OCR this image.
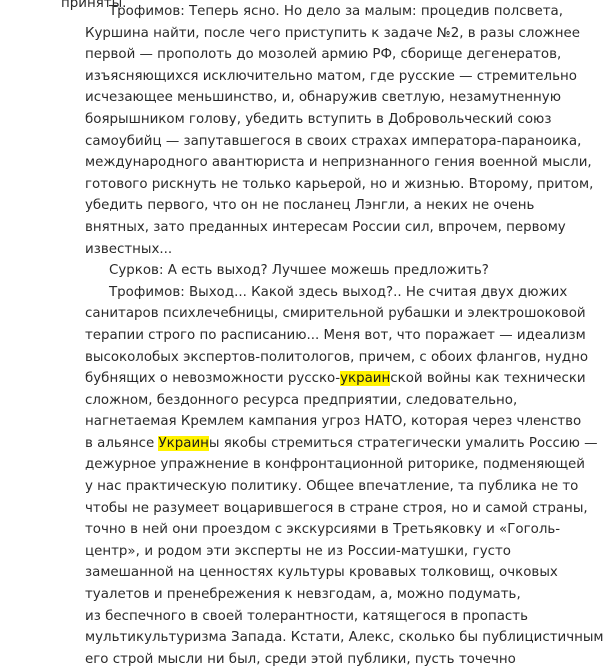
приняты.

Трофимов: Теперь ясно. Но дело за малым: процедив полсвета,
Куршина найти, после чего приступить к задаче №2, в разы сложнее
первой — прополоть до мозолей армию РФ, сборище дегенератов,
изъясняющихся исключительно матом, где русские — стремительно
исчезающее меньшинство, и, обнаружив светлую, незамутненную
боярышником голову, убедить вступить в Добровольческий союз
самоубийц — запутавшегося в своих страхах императора-параноика,
международного авантюриста и непризнанного гения военной мысли,
готового рискнуть не только карьерой, но и жизнью. Второму, притом,
убедить первого, что он не посланец Лэнгли, а неких не очень
внятных, зато преданных интересам России сил, впрочем, первому
известных...

Сурков: А есть выход? Лучшее можешь предложить?

Трофимов: Выход... Какой здесь выход?.. Не считая двух дюжих
санитаров психлечебницы, смирительной рубашки и электрошоковой
терапии строго по расписанию... Меня вот, что поражает — идеализм
высоколобых экспертов-политологов, причем, с обоих флангов, нудно
бубнящих о невозможности русско-украинской войны как технически
сложном, бездонного ресурса предприятии, следовательно,
нагнетаемая Кремлем кампания угроз НАТО, которая через членство
в альянсе Украины якобы стремиться стратегически умалить Россию —
дежурное упражнение в конфронтационной риторике, подменяющей
у нас практическую политику. Общее впечатление, та публика не то
чтобы не разумеет воцарившегося в стране строя, но и самой страны,
точно в ней они проездом с экскурсиями в Третьяковку и «Гоголь-
центр», и родом эти эксперты не из России-матушки, густо
замешанной на ценностях культуры кровавых толковищ, очковых
туалетов и пренебрежения к невзгодам, а, можно подумать,
из беспечного в своей толерантности, катящегося в пропасть
мультикультуризма Запада. Кстати, Алекс, сколько бы публицистичным
его строй мысли ни был, среди этой публики, пусть точечно
